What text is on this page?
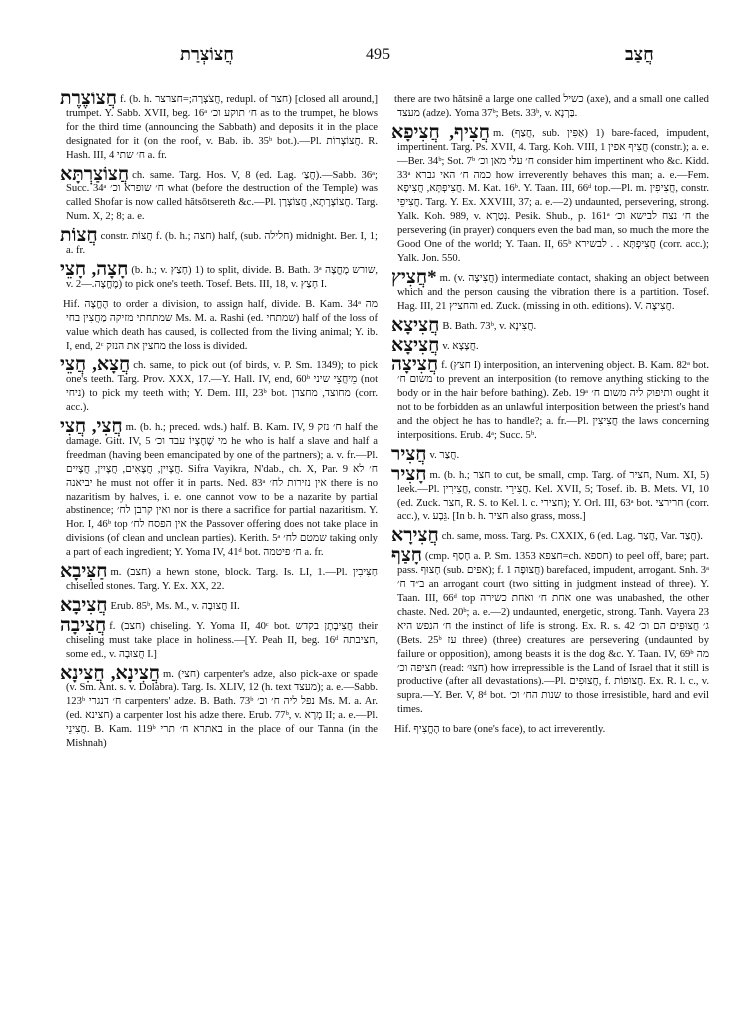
חֲצוֹצְרַת	495	חֲצַב

חֲצוֹצֶרֶת f. (b. h. חֲצֹצְרָה;=חצרצר, redupl. of חצר) [closed all around,] trumpet. Y. Sabb. XVII, beg. 16ᵃ ח׳ תוקע וכ׳ as to the trumpet, he blows for the third time (announcing the Sabbath) and deposits it in the place designated for it (on the roof, v. Bab. ib. 35ᵇ bot.).—Pl. חֲצוֹצְרוֹת. R. Hash. III, 4 ח׳ שתי a. fr.

חֲצוֹצַרְתָּא ch. same. Targ. Hos. V, 8 (ed. Lag. חֲצַ׳).—Sabb. 36ᵃ; Succ. 34ᵃ ח׳ שופרא וכ׳ what (before the destruction of the Temple) was called Shofar is now called hătsōtsereth &c.—Pl. חֲצוֹצְרָתָא, חֲצוֹצְרָן. Targ. Num. X, 2; 8; a. e.

חֲצוֹת constr. חֲצוֹת f. (b. h.; חצה) half, (sub. חלילה) midnight. Ber. I, 1; a. fr.

חָצָה, חָצֵי (b. h.; v. חָצַץ) 1) to split, divide. B. Bath. 3ᵃ שורש מֶחֱצָה, v. מֶחֱצָה.—2) to pick one's teeth. Tosef. Bets. III, 18, v. חָצַץ I.

Hif. הֶחֱצָה to order a division, to assign half, divide. B. Kam. 34ᵃ מה שמתחתי מזיקה מַחֲצִין בחי Ms. M. a. Rashi (ed. שמתחי) half of the loss of value which death has caused, is collected from the living animal; Y. ib. I, end, 2ᶜ מחצין את הנזק the loss is divided.

חֲצָא, חֲצֵי ch. same, to pick out (of birds, v. P. Sm. 1349); to pick one's teeth. Targ. Prov. XXX, 17.—Y. Hall. IV, end, 60ᵇ מֵיחֲצֵי שיני (not ניחי) to pick my teeth with; Y. Dem. III, 23ᵇ bot. מחוצד, מחצדן (corr. acc.).

חֲצִי, חֲצִי m. (b. h.; preced. wds.) half. B. Kam. IV, 9 ח׳ נזק half the damage. Gitt. IV, 5 מי שֶׁחֶצְיוֹ עבד וכ׳ he who is half a slave and half a freedman (having been emancipated by one of the partners); a. v. fr.—Pl. חֲצָיִין, חֲצָאִים, חֲצָיִין, חֲצָיִים. Sifra Vayikra, N'dab., ch. X, Par. 9 ח׳ לא יביאנה he must not offer it in parts. Ned. 83ᵃ אין נזירות לח׳ there is no nazaritism by halves, i. e. one cannot vow to be a nazarite by partial abstinence; ואין קרבן לח׳ nor is there a sacrifice for partial nazaritism. Y. Hor. I, 46ᵇ top אין הפסח לח׳ the Passover offering does not take place in divisions (of clean and unclean parties). Kerith. 5ᵃ שמטם לח׳ taking only a part of each ingredient; Y. Yoma IV, 41ᵈ bot. ח׳ פיטמה a. fr.

חַצִּיבָא m. (חצב) a hewn stone, block. Targ. Is. LI, 1.—Pl. חַצִּיבִין chiselled stones. Targ. Y. Ex. XX, 22.

חֲצִיבָא Erub. 85ᵇ, Ms. M., v. חֲצוּבָה II.

חֲצִיבָה f. (חצב) chiseling. Y. Yoma II, 40ᶜ bot. חֲצִיבָתָן בקדש their chiseling must take place in holiness.—[Y. Peah II, beg. 16ᵈ חציבתה, some ed., v. חֲצוּבָה I.]

חֲצִינָא, חֲצִינָא m. (חצי) carpenter's adze, also pick-axe or spade (v. Sm. Ant. s. v. Dolabra). Targ. Is. XLIV, 12 (h. text מעצד); a. e.—Sabb. 123ᵇ ח׳ דנגרי carpenters' adze. B. Bath. 73ᵇ נפל ליה ח׳ וכ׳ Ms. M. a. Ar. (ed. חצינא) a carpenter lost his adze there. Erub. 77ᵇ, v. מְרָא II; a. e.—Pl. חֲצִינֵי. B. Kam. 119ᵇ באתרא ח׳ תרי in the place of our Tanna (in the Mishnah)

there are two hătsinê a large one called כשיל (axe), and a small one called מעצד (adze). Yoma 37ᵇ; Bets. 33ᵇ, v. בַּרְנָא.

חֲצִיף, חֲצִיפָא m. (חֲצַף, sub. אַפִּין) 1) bare-faced, impudent, impertinent. Targ. Ps. XVII, 4. Targ. Koh. VIII, 1 חֲצִיף אפין (constr.); a. e.—Ber. 34ᵇ; Sot. 7ᵇ ח׳ עלי מאן וכ׳ consider him impertinent who &c. Kidd. 33ᵃ כמה ח׳ האי גברא how irreverently behaves this man; a. e.—Fem. חֲצִיפְתָּא, חֲצִיפָא. M. Kat. 16ᵇ. Y. Taan. III, 66ᵈ top.—Pl. m. חֲצִיפִין, constr. חֲצִיפֵי. Targ. Y. Ex. XXVIII, 37; a. e.—2) undaunted, persevering, strong. Yalk. Koh. 989, v. נְטַרָא. Pesik. Shub., p. 161ᵃ ח׳ נצח לבישא וכ׳ the persevering (in prayer) conquers even the bad man, so much the more the Good One of the world; Y. Taan. II, 65ᵇ חֲצִיפְתָּא . . לבשירא (corr. acc.); Yalk. Jon. 550.

חֲצִיץ* m. (v. חֲצִיצָה) intermediate contact, shaking an object between which and the person causing the vibration there is a partition. Tosef. Hag. III, 21 והחציץ ed. Zuck. (missing in oth. editions). V. חֲצִיצָה.

חֲצִיצָא B. Bath. 73ᵇ, v. חֲצִינָא.

חֲצִיצָא v. חֲצָצָא.

חֲצִיצָה f. (חצץ I) interposition, an intervening object. B. Kam. 82ᵃ bot. משום ח׳ to prevent an interposition (to remove anything sticking to the body or in the hair before bathing). Zeb. 19ᵃ ותיפוק ליה משום ח׳ ought it not to be forbidden as an unlawful interposition between the priest's hand and the object he has to handle?; a. fr.—Pl. חֲצִיצִין the laws concerning interpositions. Erub. 4ᵃ; Succ. 5ᵇ.

חֲצִיר v. חֲצַר.

חָצִיר m. (b. h.; חצר to cut, be small, cmp. Targ. of חציר, Num. XI, 5) leek.—Pl. חֲצִירִין, constr. חֲצִירֵי. Kel. XVII, 5; Tosef. ib. B. Mets. VI, 10 (ed. Zuck. חצר, R. S. to Kel. l. c. חצירי); Y. Orl. III, 63ᵃ bot. חרירצי (corr. acc.), v. גֵּבָע. [In b. h. חציר also grass, moss.]

חֲצִירָא ch. same, moss. Targ. Ps. CXXIX, 6 (ed. Lag. חֲצַר, Var. חֲצַד).

חָצַף (cmp. חָסַף a. P. Sm. 1353 חצפא=ch. חספא) to peel off, bare; part. pass. חָצוּף (sub. אפים); f. חֲצוּפָה 1) barefaced, impudent, arrogant. Snh. 3ᵃ ב״ד ח׳ an arrogant court (two sitting in judgment instead of three). Y. Taan. III, 66ᵈ top אחת ח׳ ואחת כשירה one was unabashed, the other chaste. Ned. 20ᵇ; a. e.—2) undaunted, energetic, strong. Tanh. Vayera 23 ח׳ הנפש היא the instinct of life is strong. Ex. R. s. 42 ג׳ חֲצוּפִים הם וכ׳ (Bets. 25ᵇ עז three) (three) creatures are persevering (undaunted by failure or opposition), among beasts it is the dog &c. Y. Taan. IV, 69ᵇ מה חציפה וכ׳ (read: חצוּ׳) how irrepressible is the Land of Israel that it still is productive (after all devastations).—Pl. חֲצוּפִים, f. חֲצוּפוֹת. Ex. R. l. c., v. supra.—Y. Ber. V, 8ᵈ bot. שנות הח׳ וכ׳ to those irresistible, hard and evil times.

Hif. הֶחֱצִיף to bare (one's face), to act irreverently.
